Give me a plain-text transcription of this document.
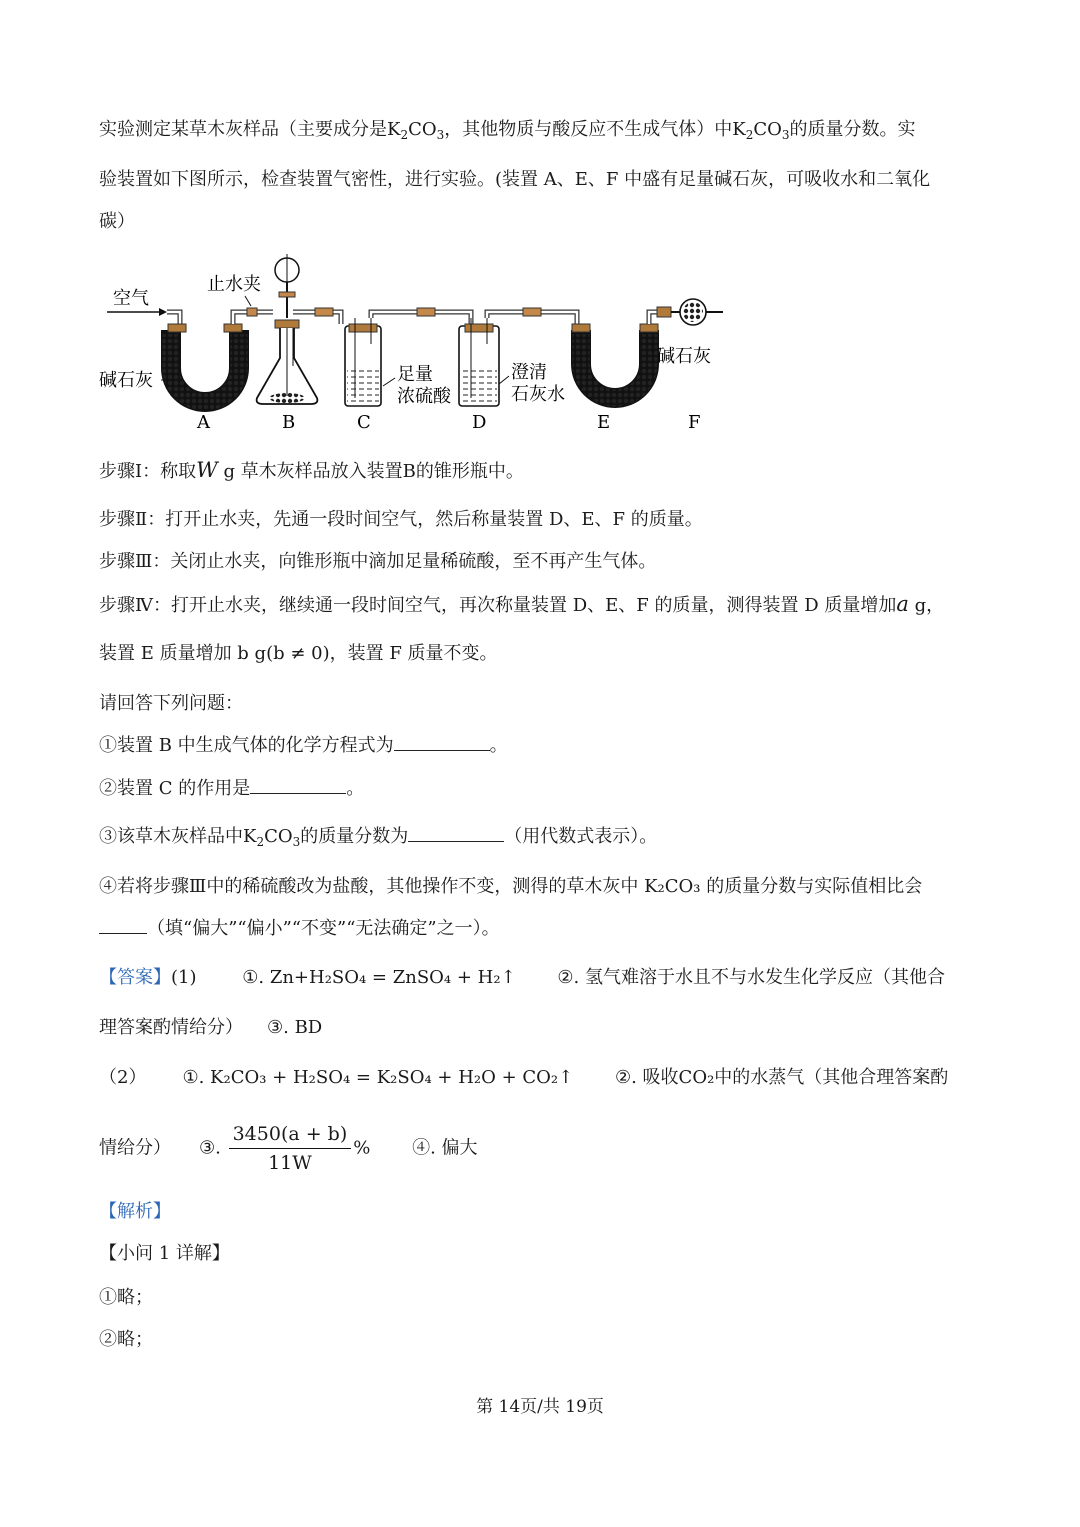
实验测定某草木灰样品（主要成分是$K_2CO_3$，其他物质与酸反应不生成气体）中$K_2CO_3$的质量分数。实
验装置如下图所示，检查装置气密性，进行实验。(装置 A、E、F 中盛有足量碱石灰，可吸收水和二氧化
碳）
空气
碱石灰
止水夹
足量
浓硫酸
澄清
石灰水
碱石灰
A	B	C	D	E	F
步骤Ⅰ：称取W g 草木灰样品放入装置B的锥形瓶中。
步骤Ⅱ：打开止水夹，先通一段时间空气，然后称量装置 D、E、F 的质量。
步骤Ⅲ：关闭止水夹，向锥形瓶中滴加足量稀硫酸，至不再产生气体。
步骤Ⅳ：打开止水夹，继续通一段时间空气，再次称量装置 D、E、F 的质量，测得装置 D 质量增加a g，
装置 E 质量增加 b g(b ≠ 0)，装置 F 质量不变。
请回答下列问题：
①装置 B 中生成气体的化学方程式为	。
②装置 C 的作用是	。
③该草木灰样品中$K_2CO_3$的质量分数为	（用代数式表示）。
④若将步骤Ⅲ中的稀硫酸改为盐酸，其他操作不变，测得的草木灰中 K₂CO₃ 的质量分数与实际值相比会
（填“偏大”“偏小”“不变”“无法确定”之一）。
【答案】(1)	①. Zn+H₂SO₄ = ZnSO₄ + H₂↑ ②. 氢气难溶于水且不与水发生化学反应（其他合
理答案酌情给分） ③. BD
（2） ①. K₂CO₃ + H₂SO₄ = K₂SO₄ + H₂O + CO₂↑ ②. 吸收CO₂中的水蒸气（其他合理答案酌
情给分） ③. $\frac{3450(a + b)}{11W}$ % ④. 偏大
【解析】
【小问 1 详解】
①略；
②略；
第 14页/共 19页
